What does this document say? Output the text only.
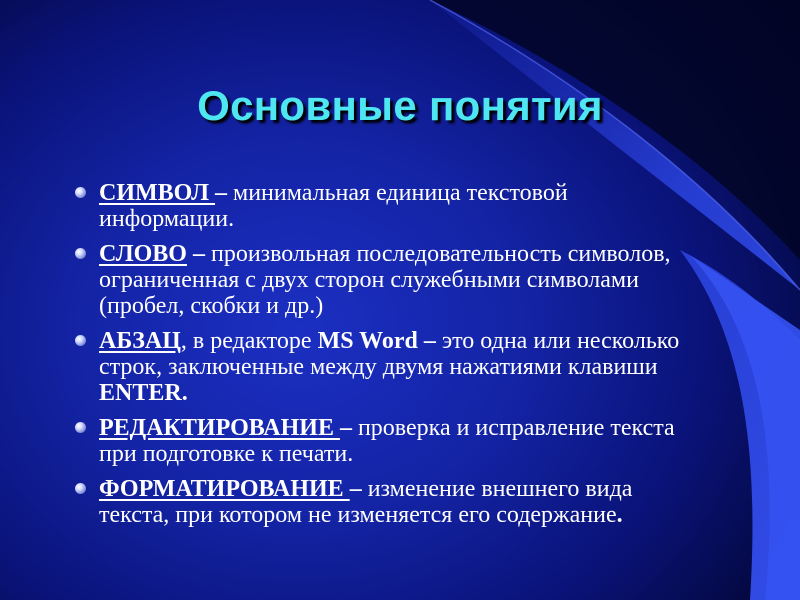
Основные понятия
СИМВОЛ – минимальная единица текстовой информации.
СЛОВО – произвольная последовательность символов, ограниченная с двух сторон служебными символами (пробел, скобки и др.)
АБЗАЦ, в редакторе MS Word – это одна или несколько строк, заключенные между двумя нажатиями клавиши ENTER.
РЕДАКТИРОВАНИЕ – проверка и исправление текста при подготовке к печати.
ФОРМАТИРОВАНИЕ – изменение внешнего вида текста, при котором не изменяется его содержание.
